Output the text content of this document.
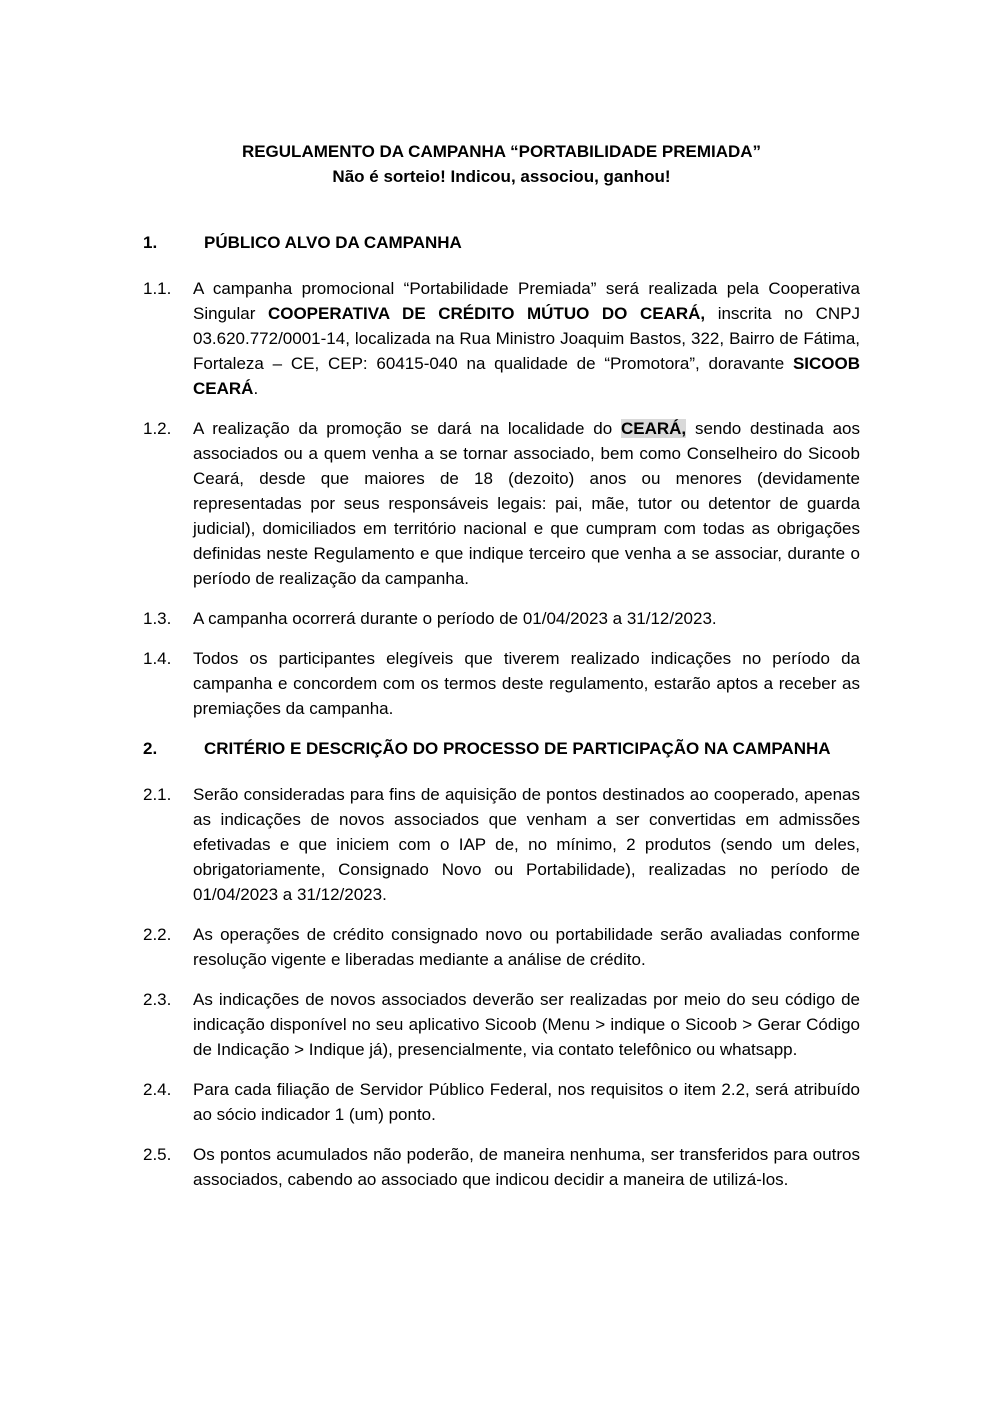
REGULAMENTO DA CAMPANHA “PORTABILIDADE PREMIADA”
Não é sorteio! Indicou, associou, ganhou!
1.	PÚBLICO ALVO DA CAMPANHA
1.1.	A campanha promocional “Portabilidade Premiada” será realizada pela Cooperativa Singular COOPERATIVA DE CRÉDITO MÚTUO DO CEARÁ, inscrita no CNPJ 03.620.772/0001-14, localizada na Rua Ministro Joaquim Bastos, 322, Bairro de Fátima, Fortaleza – CE, CEP: 60415-040 na qualidade de “Promotora”, doravante SICOOB CEARÁ.
1.2.	A realização da promoção se dará na localidade do CEARÁ, sendo destinada aos associados ou a quem venha a se tornar associado, bem como Conselheiro do Sicoob Ceará, desde que maiores de 18 (dezoito) anos ou menores (devidamente representadas por seus responsáveis legais: pai, mãe, tutor ou detentor de guarda judicial), domiciliados em território nacional e que cumpram com todas as obrigações definidas neste Regulamento e que indique terceiro que venha a se associar, durante o período de realização da campanha.
1.3.	A campanha ocorrerá durante o período de 01/04/2023 a 31/12/2023.
1.4.	Todos os participantes elegíveis que tiverem realizado indicações no período da campanha e concordem com os termos deste regulamento, estarão aptos a receber as premiações da campanha.
2.	CRITÉRIO E DESCRIÇÃO DO PROCESSO DE PARTICIPAÇÃO NA CAMPANHA
2.1.	Serão consideradas para fins de aquisição de pontos destinados ao cooperado, apenas as indicações de novos associados que venham a ser convertidas em admissões efetivadas e que iniciem com o IAP de, no mínimo, 2 produtos (sendo um deles, obrigatoriamente, Consignado Novo ou Portabilidade), realizadas no período de 01/04/2023 a 31/12/2023.
2.2.	As operações de crédito consignado novo ou portabilidade serão avaliadas conforme resolução vigente e liberadas mediante a análise de crédito.
2.3.	As indicações de novos associados deverão ser realizadas por meio do seu código de indicação disponível no seu aplicativo Sicoob (Menu > indique o Sicoob > Gerar Código de Indicação > Indique já), presencialmente, via contato telefônico ou whatsapp.
2.4.	Para cada filiação de Servidor Público Federal, nos requisitos o item 2.2, será atribuído ao sócio indicador 1 (um) ponto.
2.5.	Os pontos acumulados não poderão, de maneira nenhuma, ser transferidos para outros associados, cabendo ao associado que indicou decidir a maneira de utilizá-los.
